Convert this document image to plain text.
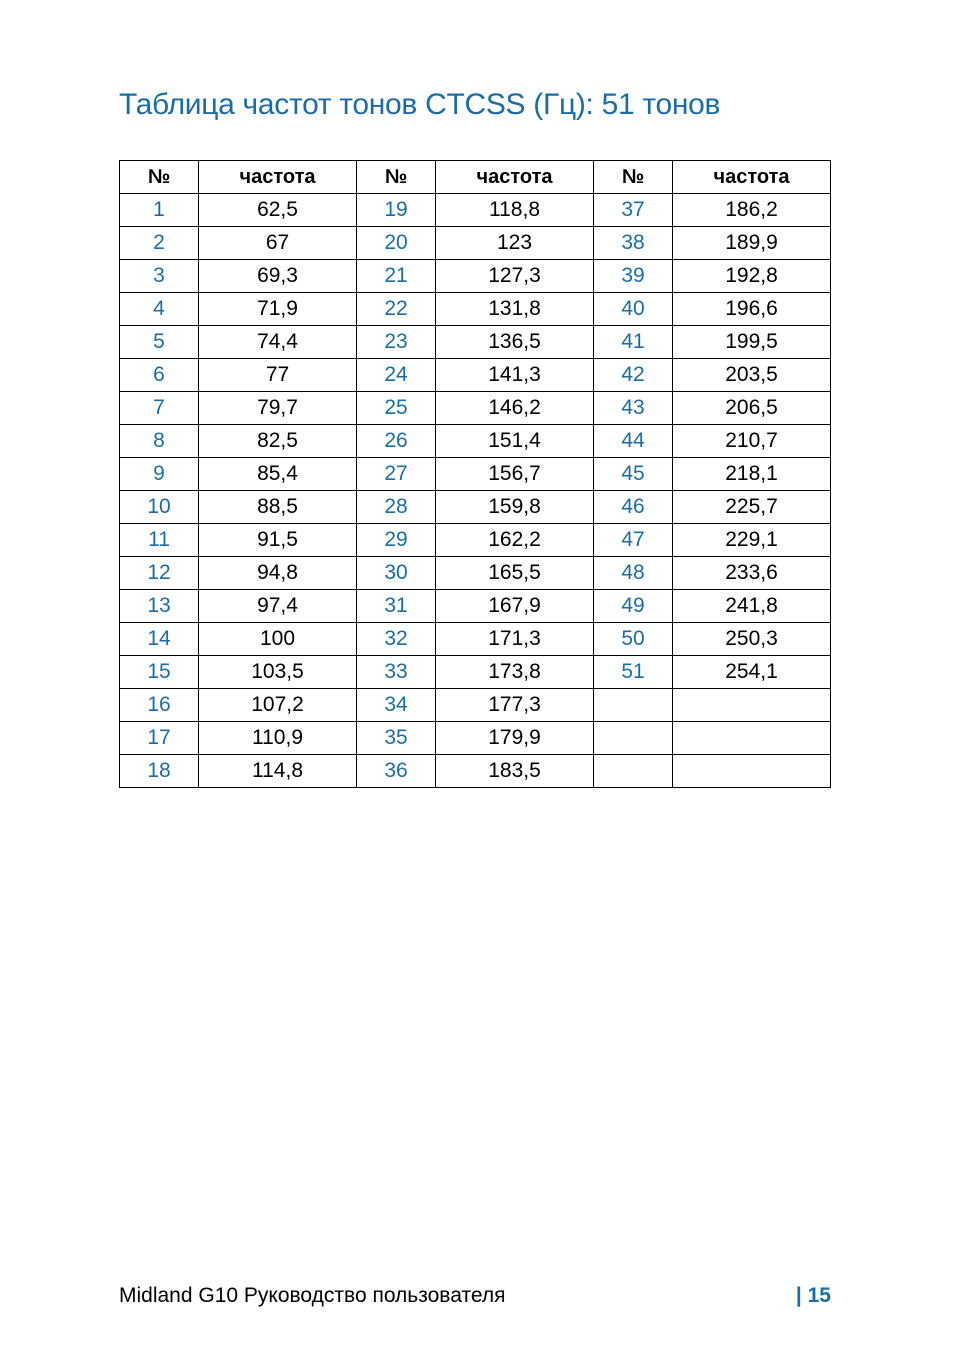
Таблица частот тонов CTCSS (Гц): 51 тонов
№	частота	№	частота	№	частота
1	62,5	19	118,8	37	186,2
2	67	20	123	38	189,9
3	69,3	21	127,3	39	192,8
4	71,9	22	131,8	40	196,6
5	74,4	23	136,5	41	199,5
6	77	24	141,3	42	203,5
7	79,7	25	146,2	43	206,5
8	82,5	26	151,4	44	210,7
9	85,4	27	156,7	45	218,1
10	88,5	28	159,8	46	225,7
11	91,5	29	162,2	47	229,1
12	94,8	30	165,5	48	233,6
13	97,4	31	167,9	49	241,8
14	100	32	171,3	50	250,3
15	103,5	33	173,8	51	254,1
16	107,2	34	177,3		
17	110,9	35	179,9		
18	114,8	36	183,5		
Midland G10 Руководство пользователя	| 15
